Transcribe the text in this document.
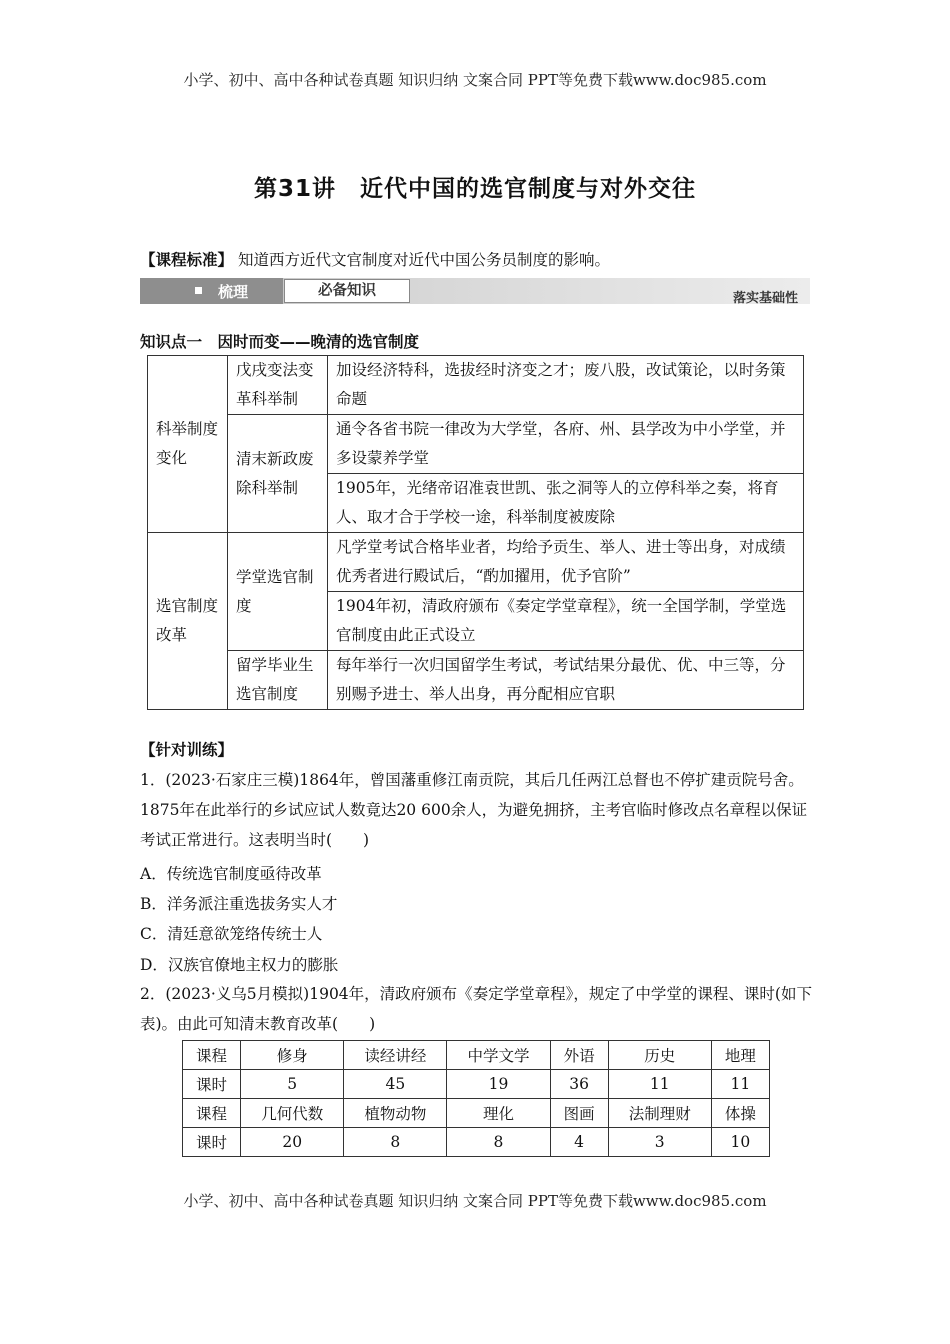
小学、初中、高中各种试卷真题 知识归纳 文案合同 PPT等免费下载www.doc985.com
第31讲　近代中国的选官制度与对外交往
【课程标准】 知道西方近代文官制度对近代中国公务员制度的影响。
梳理	必备知识	落实基础性
知识点一　因时而变——晚清的选官制度
科举制度变化	戊戌变法变革科举制	加设经济特科，选拔经时济变之才；废八股，改试策论，以时务策命题
	清末新政废除科举制	通令各省书院一律改为大学堂，各府、州、县学改为中小学堂，并多设蒙养学堂
		1905年，光绪帝诏准袁世凯、张之洞等人的立停科举之奏，将育人、取才合于学校一途，科举制度被废除
选官制度改革	学堂选官制度	凡学堂考试合格毕业者，均给予贡生、举人、进士等出身，对成绩优秀者进行殿试后，“酌加擢用，优予官阶”
		1904年初，清政府颁布《奏定学堂章程》，统一全国学制，学堂选官制度由此正式设立
	留学毕业生选官制度	每年举行一次归国留学生考试，考试结果分最优、优、中三等，分别赐予进士、举人出身，再分配相应官职
【针对训练】
1．(2023·石家庄三模)1864年，曾国藩重修江南贡院，其后几任两江总督也不停扩建贡院号舍。1875年在此举行的乡试应试人数竟达20 600余人，为避免拥挤，主考官临时修改点名章程以保证考试正常进行。这表明当时(　　)
A．传统选官制度亟待改革
B．洋务派注重选拔务实人才
C．清廷意欲笼络传统士人
D．汉族官僚地主权力的膨胀
2．(2023·义乌5月模拟)1904年，清政府颁布《奏定学堂章程》，规定了中学堂的课程、课时(如下表)。由此可知清末教育改革(　　)
课程	修身	读经讲经	中学文学	外语	历史	地理
课时	5	45	19	36	11	11
课程	几何代数	植物动物	理化	图画	法制理财	体操
课时	20	8	8	4	3	10
小学、初中、高中各种试卷真题 知识归纳 文案合同 PPT等免费下载www.doc985.com
